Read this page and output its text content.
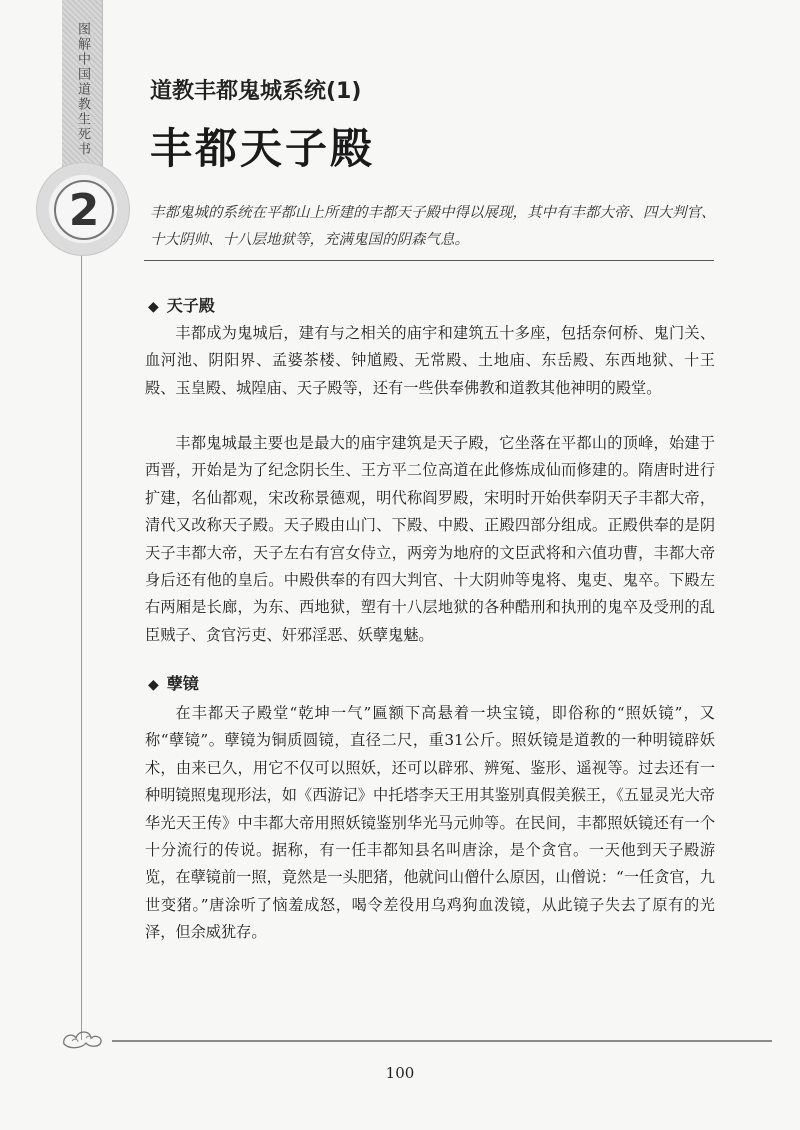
图解中国道教生死书
2
道教丰都鬼城系统(1)
丰都天子殿
丰都鬼城的系统在平都山上所建的丰都天子殿中得以展现，其中有丰都大帝、四大判官、十大阴帅、十八层地狱等，充满鬼国的阴森气息。
◆ 天子殿
丰都成为鬼城后，建有与之相关的庙宇和建筑五十多座，包括奈何桥、鬼门关、血河池、阴阳界、孟婆茶楼、钟馗殿、无常殿、土地庙、东岳殿、东西地狱、十王殿、玉皇殿、城隍庙、天子殿等，还有一些供奉佛教和道教其他神明的殿堂。
丰都鬼城最主要也是最大的庙宇建筑是天子殿，它坐落在平都山的顶峰，始建于西晋，开始是为了纪念阴长生、王方平二位高道在此修炼成仙而修建的。隋唐时进行扩建，名仙都观，宋改称景德观，明代称阎罗殿，宋明时开始供奉阴天子丰都大帝，清代又改称天子殿。天子殿由山门、下殿、中殿、正殿四部分组成。正殿供奉的是阴天子丰都大帝，天子左右有宫女侍立，两旁为地府的文臣武将和六值功曹，丰都大帝身后还有他的皇后。中殿供奉的有四大判官、十大阴帅等鬼将、鬼吏、鬼卒。下殿左右两厢是长廊，为东、西地狱，塑有十八层地狱的各种酷刑和执刑的鬼卒及受刑的乱臣贼子、贪官污吏、奸邪淫恶、妖孽鬼魅。
◆ 孽镜
在丰都天子殿堂“乾坤一气”匾额下高悬着一块宝镜，即俗称的“照妖镜”，又称“孽镜”。孽镜为铜质圆镜，直径二尺，重31公斤。照妖镜是道教的一种明镜辟妖术，由来已久，用它不仅可以照妖，还可以辟邪、辨冤、鉴形、遥视等。过去还有一种明镜照鬼现形法，如《西游记》中托塔李天王用其鉴别真假美猴王，《五显灵光大帝华光天王传》中丰都大帝用照妖镜鉴别华光马元帅等。在民间，丰都照妖镜还有一个十分流行的传说。据称，有一任丰都知县名叫唐涂，是个贪官。一天他到天子殿游览，在孽镜前一照，竟然是一头肥猪，他就问山僧什么原因，山僧说：“一任贪官，九世变猪。”唐涂听了恼羞成怒，喝令差役用乌鸡狗血泼镜，从此镜子失去了原有的光泽，但余威犹存。
100
